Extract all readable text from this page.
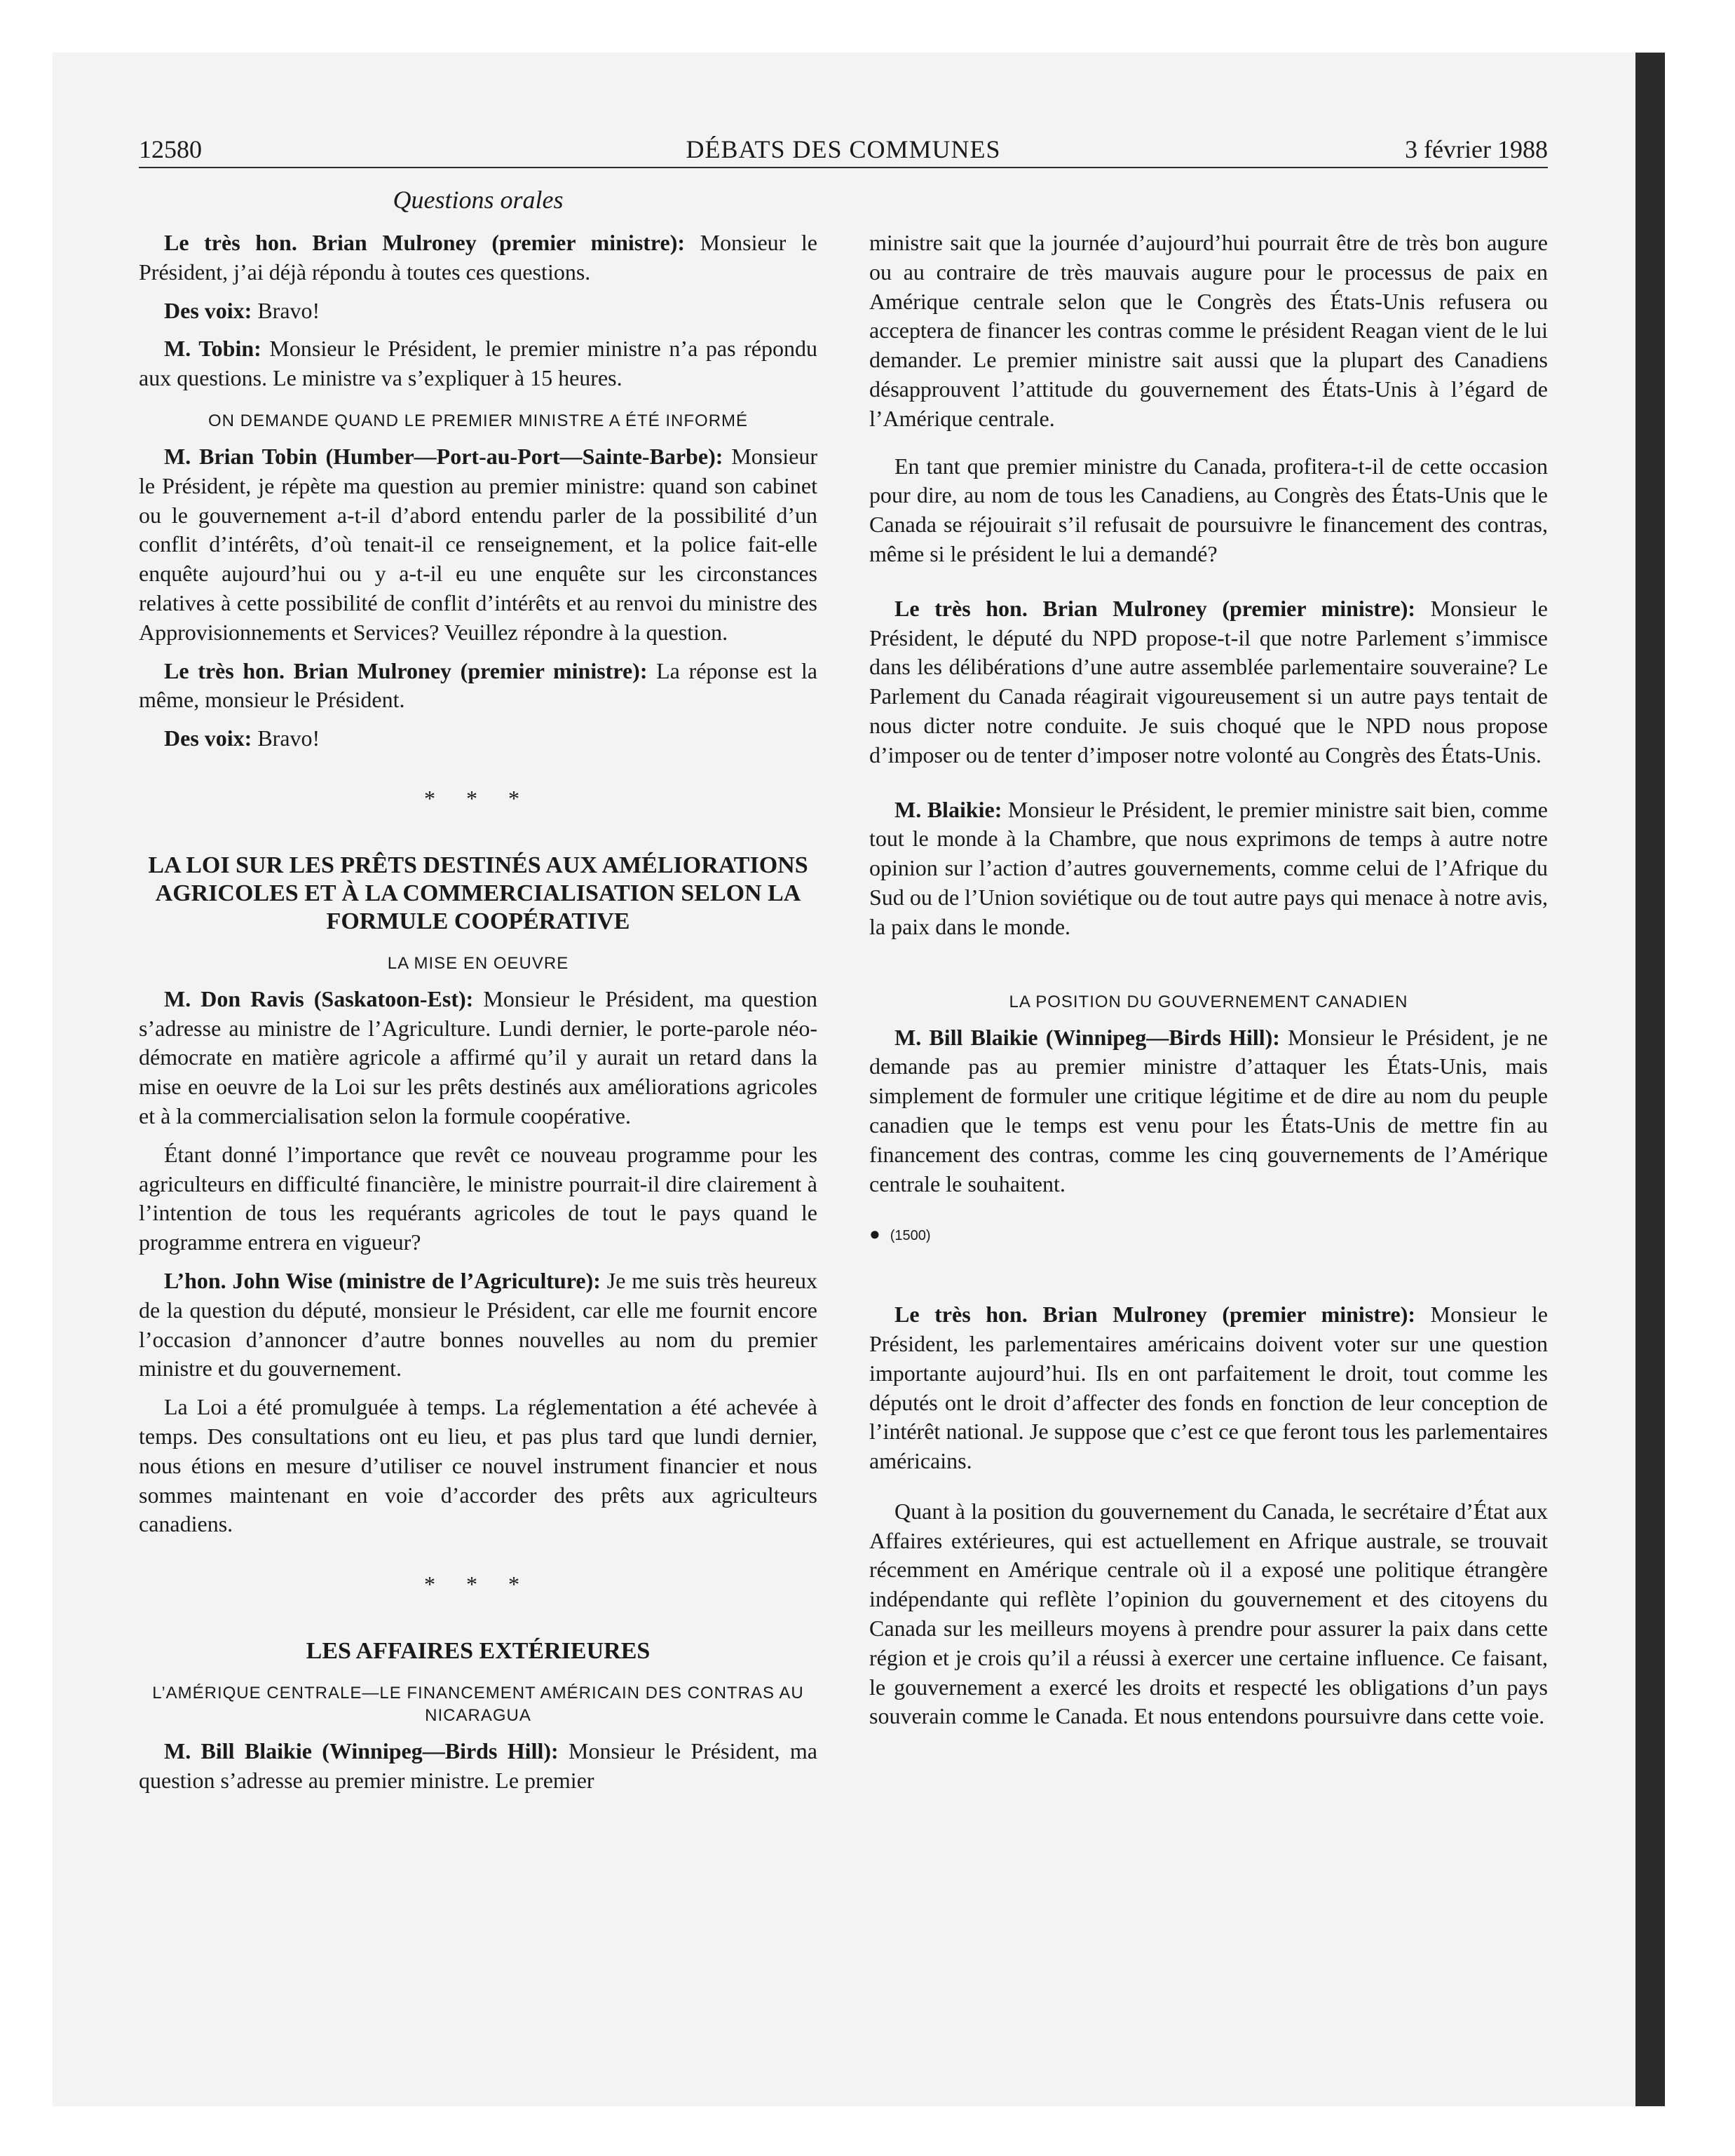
12580	DÉBATS DES COMMUNES	3 février 1988
Questions orales

Le très hon. Brian Mulroney (premier ministre): Monsieur le Président, j’ai déjà répondu à toutes ces questions.

Des voix: Bravo!

M. Tobin: Monsieur le Président, le premier ministre n’a pas répondu aux questions. Le ministre va s’expliquer à 15 heures.

ON DEMANDE QUAND LE PREMIER MINISTRE A ÉTÉ INFORMÉ

M. Brian Tobin (Humber—Port-au-Port—Sainte-Barbe): Monsieur le Président, je répète ma question au premier ministre: quand son cabinet ou le gouvernement a-t-il d’abord entendu parler de la possibilité d’un conflit d’intérêts, d’où tenait-il ce renseignement, et la police fait-elle enquête aujourd’hui ou y a-t-il eu une enquête sur les circonstances relatives à cette possibilité de conflit d’intérêts et au renvoi du ministre des Approvisionnements et Services? Veuillez répondre à la question.

Le très hon. Brian Mulroney (premier ministre): La réponse est la même, monsieur le Président.

Des voix: Bravo!

* * *
LA LOI SUR LES PRÊTS DESTINÉS AUX AMÉLIORATIONS AGRICOLES ET À LA COMMERCIALISATION SELON LA FORMULE COOPÉRATIVE
LA MISE EN OEUVRE

M. Don Ravis (Saskatoon-Est): Monsieur le Président, ma question s’adresse au ministre de l’Agriculture. Lundi dernier, le porte-parole néo-démocrate en matière agricole a affirmé qu’il y aurait un retard dans la mise en oeuvre de la Loi sur les prêts destinés aux améliorations agricoles et à la commercialisation selon la formule coopérative.

Étant donné l’importance que revêt ce nouveau programme pour les agriculteurs en difficulté financière, le ministre pourrait-il dire clairement à l’intention de tous les requérants agricoles de tout le pays quand le programme entrera en vigueur?

L’hon. John Wise (ministre de l’Agriculture): Je me suis très heureux de la question du député, monsieur le Président, car elle me fournit encore l’occasion d’annoncer d’autre bonnes nouvelles au nom du premier ministre et du gouvernement.

La Loi a été promulguée à temps. La réglementation a été achevée à temps. Des consultations ont eu lieu, et pas plus tard que lundi dernier, nous étions en mesure d’utiliser ce nouvel instrument financier et nous sommes maintenant en voie d’accorder des prêts aux agriculteurs canadiens.

* * *
LES AFFAIRES EXTÉRIEURES
L’AMÉRIQUE CENTRALE—LE FINANCEMENT AMÉRICAIN DES CONTRAS AU NICARAGUA

M. Bill Blaikie (Winnipeg—Birds Hill): Monsieur le Président, ma question s’adresse au premier ministre. Le premier

ministre sait que la journée d’aujourd’hui pourrait être de très bon augure ou au contraire de très mauvais augure pour le processus de paix en Amérique centrale selon que le Congrès des États-Unis refusera ou acceptera de financer les contras comme le président Reagan vient de le lui demander. Le premier ministre sait aussi que la plupart des Canadiens désapprouvent l’attitude du gouvernement des États-Unis à l’égard de l’Amérique centrale.

En tant que premier ministre du Canada, profitera-t-il de cette occasion pour dire, au nom de tous les Canadiens, au Congrès des États-Unis que le Canada se réjouirait s’il refusait de poursuivre le financement des contras, même si le président le lui a demandé?

Le très hon. Brian Mulroney (premier ministre): Monsieur le Président, le député du NPD propose-t-il que notre Parlement s’immisce dans les délibérations d’une autre assemblée parlementaire souveraine? Le Parlement du Canada réagirait vigoureusement si un autre pays tentait de nous dicter notre conduite. Je suis choqué que le NPD nous propose d’imposer ou de tenter d’imposer notre volonté au Congrès des États-Unis.

M. Blaikie: Monsieur le Président, le premier ministre sait bien, comme tout le monde à la Chambre, que nous exprimons de temps à autre notre opinion sur l’action d’autres gouvernements, comme celui de l’Afrique du Sud ou de l’Union soviétique ou de tout autre pays qui menace à notre avis, la paix dans le monde.

LA POSITION DU GOUVERNEMENT CANADIEN

M. Bill Blaikie (Winnipeg—Birds Hill): Monsieur le Président, je ne demande pas au premier ministre d’attaquer les États-Unis, mais simplement de formuler une critique légitime et de dire au nom du peuple canadien que le temps est venu pour les États-Unis de mettre fin au financement des contras, comme les cinq gouvernements de l’Amérique centrale le souhaitent.

● (1500)

Le très hon. Brian Mulroney (premier ministre): Monsieur le Président, les parlementaires américains doivent voter sur une question importante aujourd’hui. Ils en ont parfaitement le droit, tout comme les députés ont le droit d’affecter des fonds en fonction de leur conception de l’intérêt national. Je suppose que c’est ce que feront tous les parlementaires américains.

Quant à la position du gouvernement du Canada, le secrétaire d’État aux Affaires extérieures, qui est actuellement en Afrique australe, se trouvait récemment en Amérique centrale où il a exposé une politique étrangère indépendante qui reflète l’opinion du gouvernement et des citoyens du Canada sur les meilleurs moyens à prendre pour assurer la paix dans cette région et je crois qu’il a réussi à exercer une certaine influence. Ce faisant, le gouvernement a exercé les droits et respecté les obligations d’un pays souverain comme le Canada. Et nous entendons poursuivre dans cette voie.
